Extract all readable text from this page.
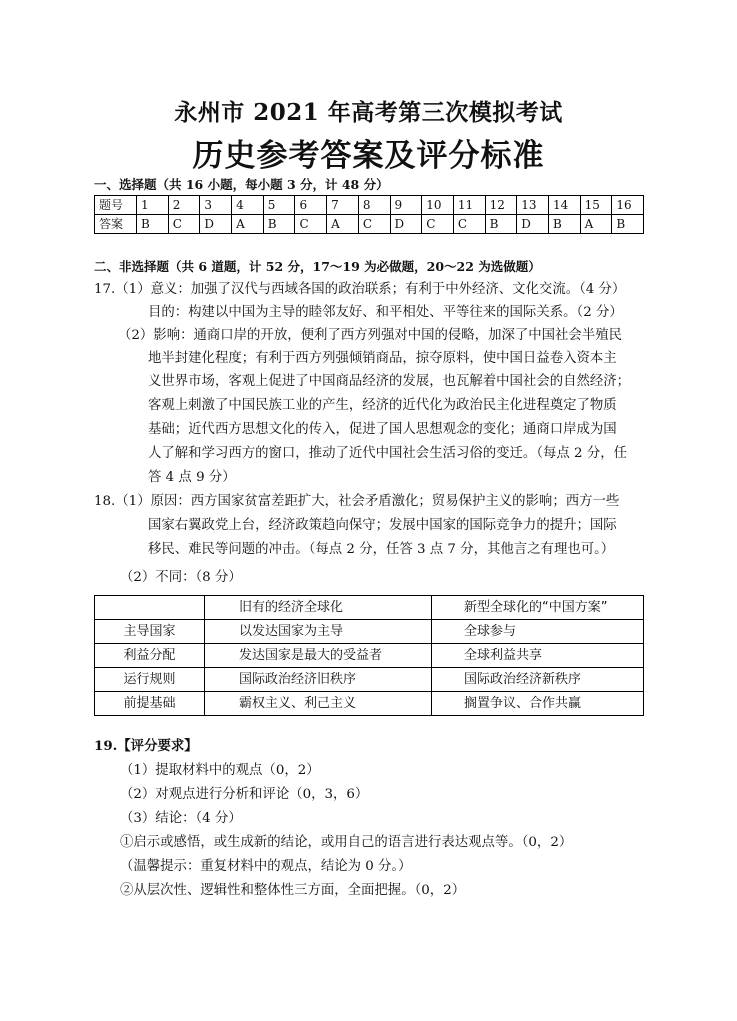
永州市 2021 年高考第三次模拟考试
历史参考答案及评分标准
一、选择题（共 16 小题，每小题 3 分，计 48 分）
题号	1	2	3	4	5	6	7	8	9	10	11	12	13	14	15	16
答案	B	C	D	A	B	C	A	C	D	C	C	B	D	B	A	B
二、非选择题（共 6 道题，计 52 分，17～19 为必做题，20～22 为选做题）
17.（1）意义：加强了汉代与西域各国的政治联系；有利于中外经济、文化交流。（4 分）
目的：构建以中国为主导的睦邻友好、和平相处、平等往来的国际关系。（2 分）
（2）影响：通商口岸的开放，便利了西方列强对中国的侵略，加深了中国社会半殖民
地半封建化程度；有利于西方列强倾销商品，掠夺原料，使中国日益卷入资本主
义世界市场，客观上促进了中国商品经济的发展，也瓦解着中国社会的自然经济；
客观上刺激了中国民族工业的产生，经济的近代化为政治民主化进程奠定了物质
基础；近代西方思想文化的传入，促进了国人思想观念的变化；通商口岸成为国
人了解和学习西方的窗口，推动了近代中国社会生活习俗的变迁。（每点 2 分，任
答 4 点 9 分）
18.（1）原因：西方国家贫富差距扩大，社会矛盾激化；贸易保护主义的影响；西方一些
国家右翼政党上台，经济政策趋向保守；发展中国家的国际竞争力的提升；国际
移民、难民等问题的冲击。（每点 2 分，任答 3 点 7 分，其他言之有理也可。）
（2）不同：（8 分）
	旧有的经济全球化	新型全球化的“中国方案”
主导国家	以发达国家为主导	全球参与
利益分配	发达国家是最大的受益者	全球利益共享
运行规则	国际政治经济旧秩序	国际政治经济新秩序
前提基础	霸权主义、利己主义	搁置争议、合作共赢
19.【评分要求】
（1）提取材料中的观点（0，2）
（2）对观点进行分析和评论（0，3，6）
（3）结论：（4 分）
①启示或感悟，或生成新的结论，或用自己的语言进行表达观点等。（0，2）
（温馨提示：重复材料中的观点，结论为 0 分。）
②从层次性、逻辑性和整体性三方面，全面把握。（0，2）
